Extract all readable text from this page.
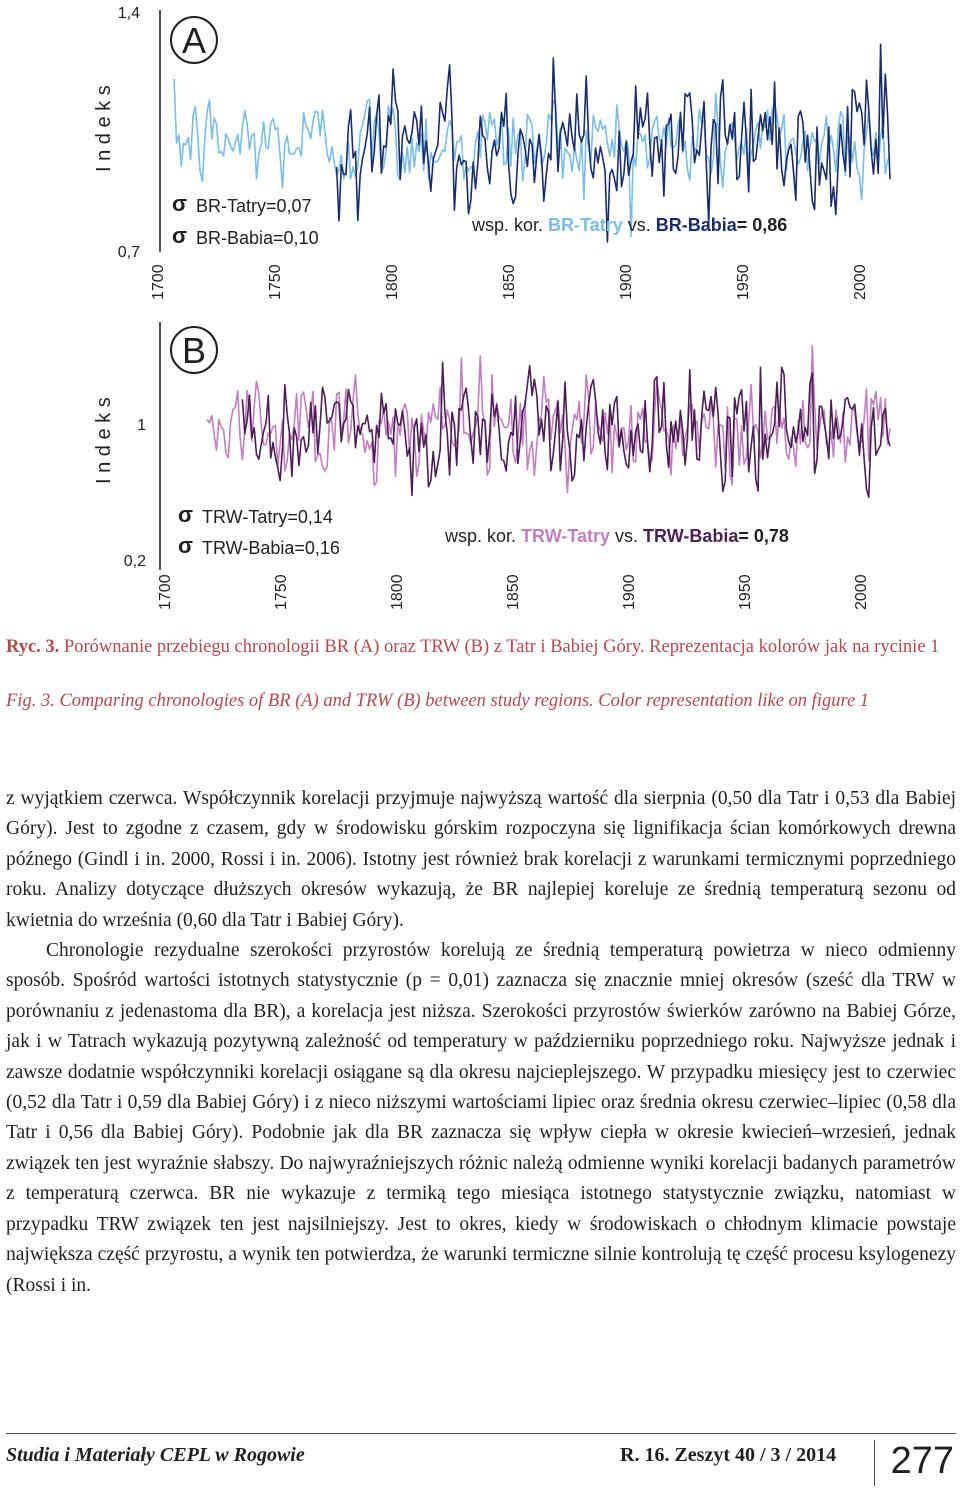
I n d e k s
1,4
0,7
A
1700	1750	1800	1850	1900	1950	2000
σ BR-Tatry=0,07
σ BR-Babia=0,10
wsp. kor. BR-Tatry vs. BR-Babia= 0,86
I n d e k s 1
0,2
B
1700	1750	1800	1850	1900	1950	2000
σ TRW-Tatry=0,14
σ TRW-Babia=0,16
wsp. kor. TRW-Tatry vs. TRW-Babia= 0,78
Ryc. 3. Porównanie przebiegu chronologii BR (A) oraz TRW (B) z Tatr i Babiej Góry. Reprezentacja kolorów jak na rycinie 1
Fig. 3. Comparing chronologies of BR (A) and TRW (B) between study regions. Color representation like on figure 1

z wyjątkiem czerwca. Współczynnik korelacji przyjmuje najwyższą wartość dla sierpnia (0,50 dla Tatr i 0,53 dla Babiej Góry). Jest to zgodne z czasem, gdy w środowisku górskim rozpoczyna się lignifikacja ścian komórkowych drewna późnego (Gindl i in. 2000, Rossi i in. 2006). Istotny jest również brak korelacji z warunkami termicznymi poprzedniego roku. Analizy dotyczące dłuższych okresów wykazują, że BR najlepiej koreluje ze średnią temperaturą sezonu od kwietnia do września (0,60 dla Tatr i Babiej Góry).

Chronologie rezydualne szerokości przyrostów korelują ze średnią temperaturą powietrza w nieco odmienny sposób. Spośród wartości istotnych statystycznie (p = 0,01) zaznacza się znacznie mniej okresów (sześć dla TRW w porównaniu z jedenastoma dla BR), a korelacja jest niższa. Szerokości przyrostów świerków zarówno na Babiej Górze, jak i w Tatrach wykazują pozytywną zależność od temperatury w październiku poprzedniego roku. Najwyższe jednak i zawsze dodatnie współczynniki korelacji osiągane są dla okresu najcieplejszego. W przypadku miesięcy jest to czerwiec (0,52 dla Tatr i 0,59 dla Babiej Góry) i z nieco niższymi wartościami lipiec oraz średnia okresu czerwiec–lipiec (0,58 dla Tatr i 0,56 dla Babiej Góry). Podobnie jak dla BR zaznacza się wpływ ciepła w okresie kwiecień–wrzesień, jednak związek ten jest wyraźnie słabszy. Do najwyraźniejszych różnic należą odmienne wyniki korelacji badanych parametrów z temperaturą czerwca. BR nie wykazuje z termiką tego miesiąca istotnego statystycznie związku, natomiast w przypadku TRW związek ten jest najsilniejszy. Jest to okres, kiedy w środowiskach o chłodnym klimacie powstaje największa część przyrostu, a wynik ten potwierdza, że warunki termiczne silnie kontrolują tę część procesu ksylogenezy (Rossi i in.

Studia i Materiały CEPL w Rogowie	R. 16. Zeszyt 40 / 3 / 2014 277
